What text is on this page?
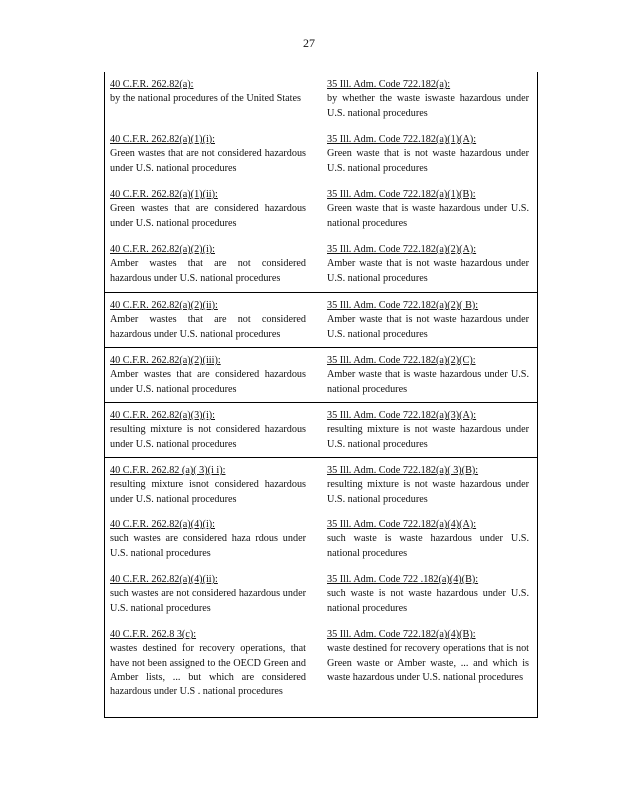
27
40 C.F.R. 262.82(a):
by the national procedures of the United States
35 Ill. Adm. Code 722.182(a):
by whether the waste iswaste hazardous under U.S. national procedures
40 C.F.R. 262.82(a)(1)(i):
Green wastes that are not considered hazardous under U.S. national procedures
35 Ill. Adm. Code 722.182(a)(1)(A):
Green waste that is not waste hazardous under U.S. national procedures
40 C.F.R. 262.82(a)(1)(ii):
Green wastes that are considered hazardous under U.S. national procedures
35 Ill. Adm. Code 722.182(a)(1)(B):
Green waste that is waste hazardous under U.S. national procedures
40 C.F.R. 262.82(a)(2)(i):
Amber wastes that are not considered hazardous under U.S. national procedures
35 Ill. Adm. Code 722.182(a)(2)(A):
Amber waste that is not waste hazardous under U.S. national procedures
40 C.F.R. 262.82(a)(2)(ii):
Amber wastes that are not considered hazardous under U.S. national procedures
35 Ill. Adm. Code 722.182(a)(2)( B):
Amber waste that is not waste hazardous under U.S. national procedures
40 C.F.R. 262.82(a)(2)(iii):
Amber wastes that are considered hazardous under U.S. national procedures
35 Ill. Adm. Code 722.182(a)(2)(C):
Amber waste that is waste hazardous under U.S. national procedures
40 C.F.R. 262.82(a)(3)(i):
resulting mixture is not considered hazardous under U.S. national procedures
35 Ill. Adm. Code 722.182(a)(3)(A):
resulting mixture is not waste hazardous under U.S. national procedures
40 C.F.R. 262.82 (a)( 3)(i i):
resulting mixture isnot considered hazardous under U.S. national procedures
35 Ill. Adm. Code 722.182(a)( 3)(B):
resulting mixture is not waste hazardous under U.S. national procedures
40 C.F.R. 262.82(a)(4)(i):
such wastes are considered haza rdous under U.S. national procedures
35 Ill. Adm. Code 722.182(a)(4)(A):
such waste is waste hazardous under U.S. national procedures
40 C.F.R. 262.82(a)(4)(ii):
such wastes are not considered hazardous under U.S. national procedures
35 Ill. Adm. Code 722 .182(a)(4)(B):
such waste is not waste hazardous under U.S. national procedures
40 C.F.R. 262.8 3(c):
wastes destined for recovery operations, that have not been assigned to the OECD Green and Amber lists, ... but which are considered hazardous under U.S . national procedures
35 Ill. Adm. Code 722.182(a)(4)(B):
waste destined for recovery operations that is not Green waste or Amber waste, ... and which is waste hazardous under U.S. national procedures
